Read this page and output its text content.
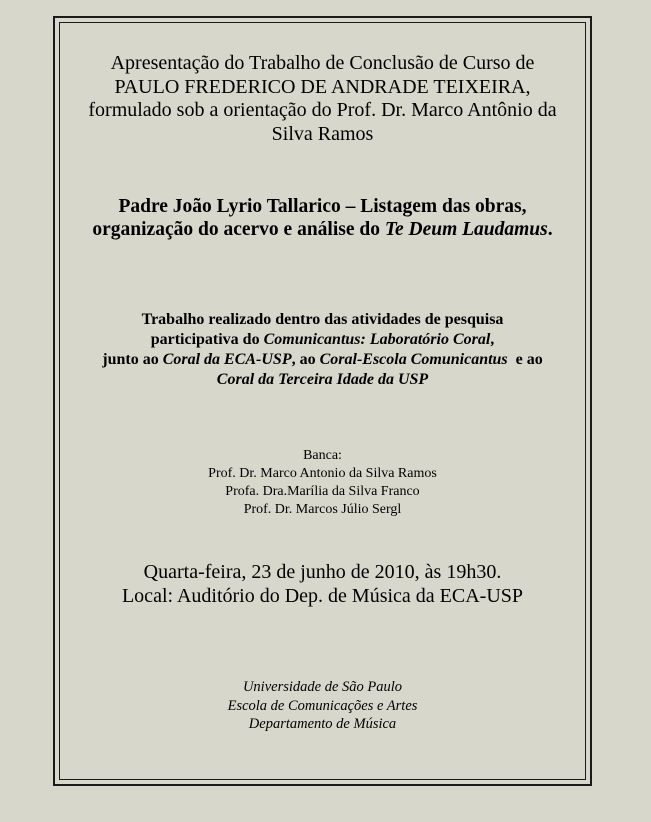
Apresentação do Trabalho de Conclusão de Curso de
PAULO FREDERICO DE ANDRADE TEIXEIRA,
formulado sob a orientação do Prof. Dr. Marco Antônio da
Silva Ramos
Padre João Lyrio Tallarico – Listagem das obras,
organização do acervo e análise do Te Deum Laudamus.
Trabalho realizado dentro das atividades de pesquisa
participativa do Comunicantus: Laboratório Coral,
junto ao Coral da ECA-USP, ao Coral-Escola Comunicantus  e ao
Coral da Terceira Idade da USP
Banca:
Prof. Dr. Marco Antonio da Silva Ramos
Profa. Dra.Marília da Silva Franco
Prof. Dr. Marcos Júlio Sergl
Quarta-feira, 23 de junho de 2010, às 19h30.
Local: Auditório do Dep. de Música da ECA-USP
Universidade de São Paulo
Escola de Comunicações e Artes
Departamento de Música
